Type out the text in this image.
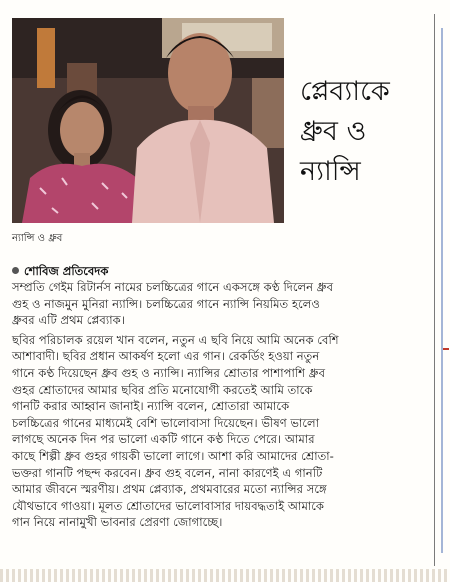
ন্যান্সি ও ধ্রুব
প্লেব্যাকে
ধ্রুব ও
ন্যান্সি
শোবিজ প্রতিবেদক

সম্প্রতি গেইম রিটার্নস নামের চলচ্চিত্রের গানে একসঙ্গে কণ্ঠ দিলেন ধ্রুব
গুহ ও নাজমুন মুনিরা ন্যান্সি। চলচ্চিত্রের গানে ন্যান্সি নিয়মিত হলেও
ধ্রুবর এটি প্রথম প্লেব্যাক।

ছবির পরিচালক রয়েল খান বলেন, নতুন এ ছবি নিয়ে আমি অনেক বেশি
আশাবাদী। ছবির প্রধান আকর্ষণ হলো এর গান। রেকর্ডিং হওয়া নতুন
গানে কণ্ঠ দিয়েছেন ধ্রুব গুহ ও ন্যান্সি। ন্যান্সির শ্রোতার পাশাপাশি ধ্রুব
গুহর শ্রোতাদের আমার ছবির প্রতি মনোযোগী করতেই আমি তাকে
গানটি করার আহ্বান জানাই। ন্যান্সি বলেন, শ্রোতারা আমাকে
চলচ্চিত্রের গানের মাধ্যমেই বেশি ভালোবাসা দিয়েছেন। ভীষণ ভালো
লাগছে অনেক দিন পর ভালো একটি গানে কণ্ঠ দিতে পেরে। আমার
কাছে শিল্পী ধ্রুব গুহর গায়কী ভালো লাগে। আশা করি আমাদের শ্রোতা-
ভক্তরা গানটি পছন্দ করবেন। ধ্রুব গুহ বলেন, নানা কারণেই এ গানটি
আমার জীবনে স্মরণীয়। প্রথম প্লেব্যাক, প্রথমবারের মতো ন্যান্সির সঙ্গে
যৌথভাবে গাওয়া। মূলত শ্রোতাদের ভালোবাসার দায়বদ্ধতাই আমাকে
গান নিয়ে নানামুখী ভাবনার প্রেরণা জোগাচ্ছে।
